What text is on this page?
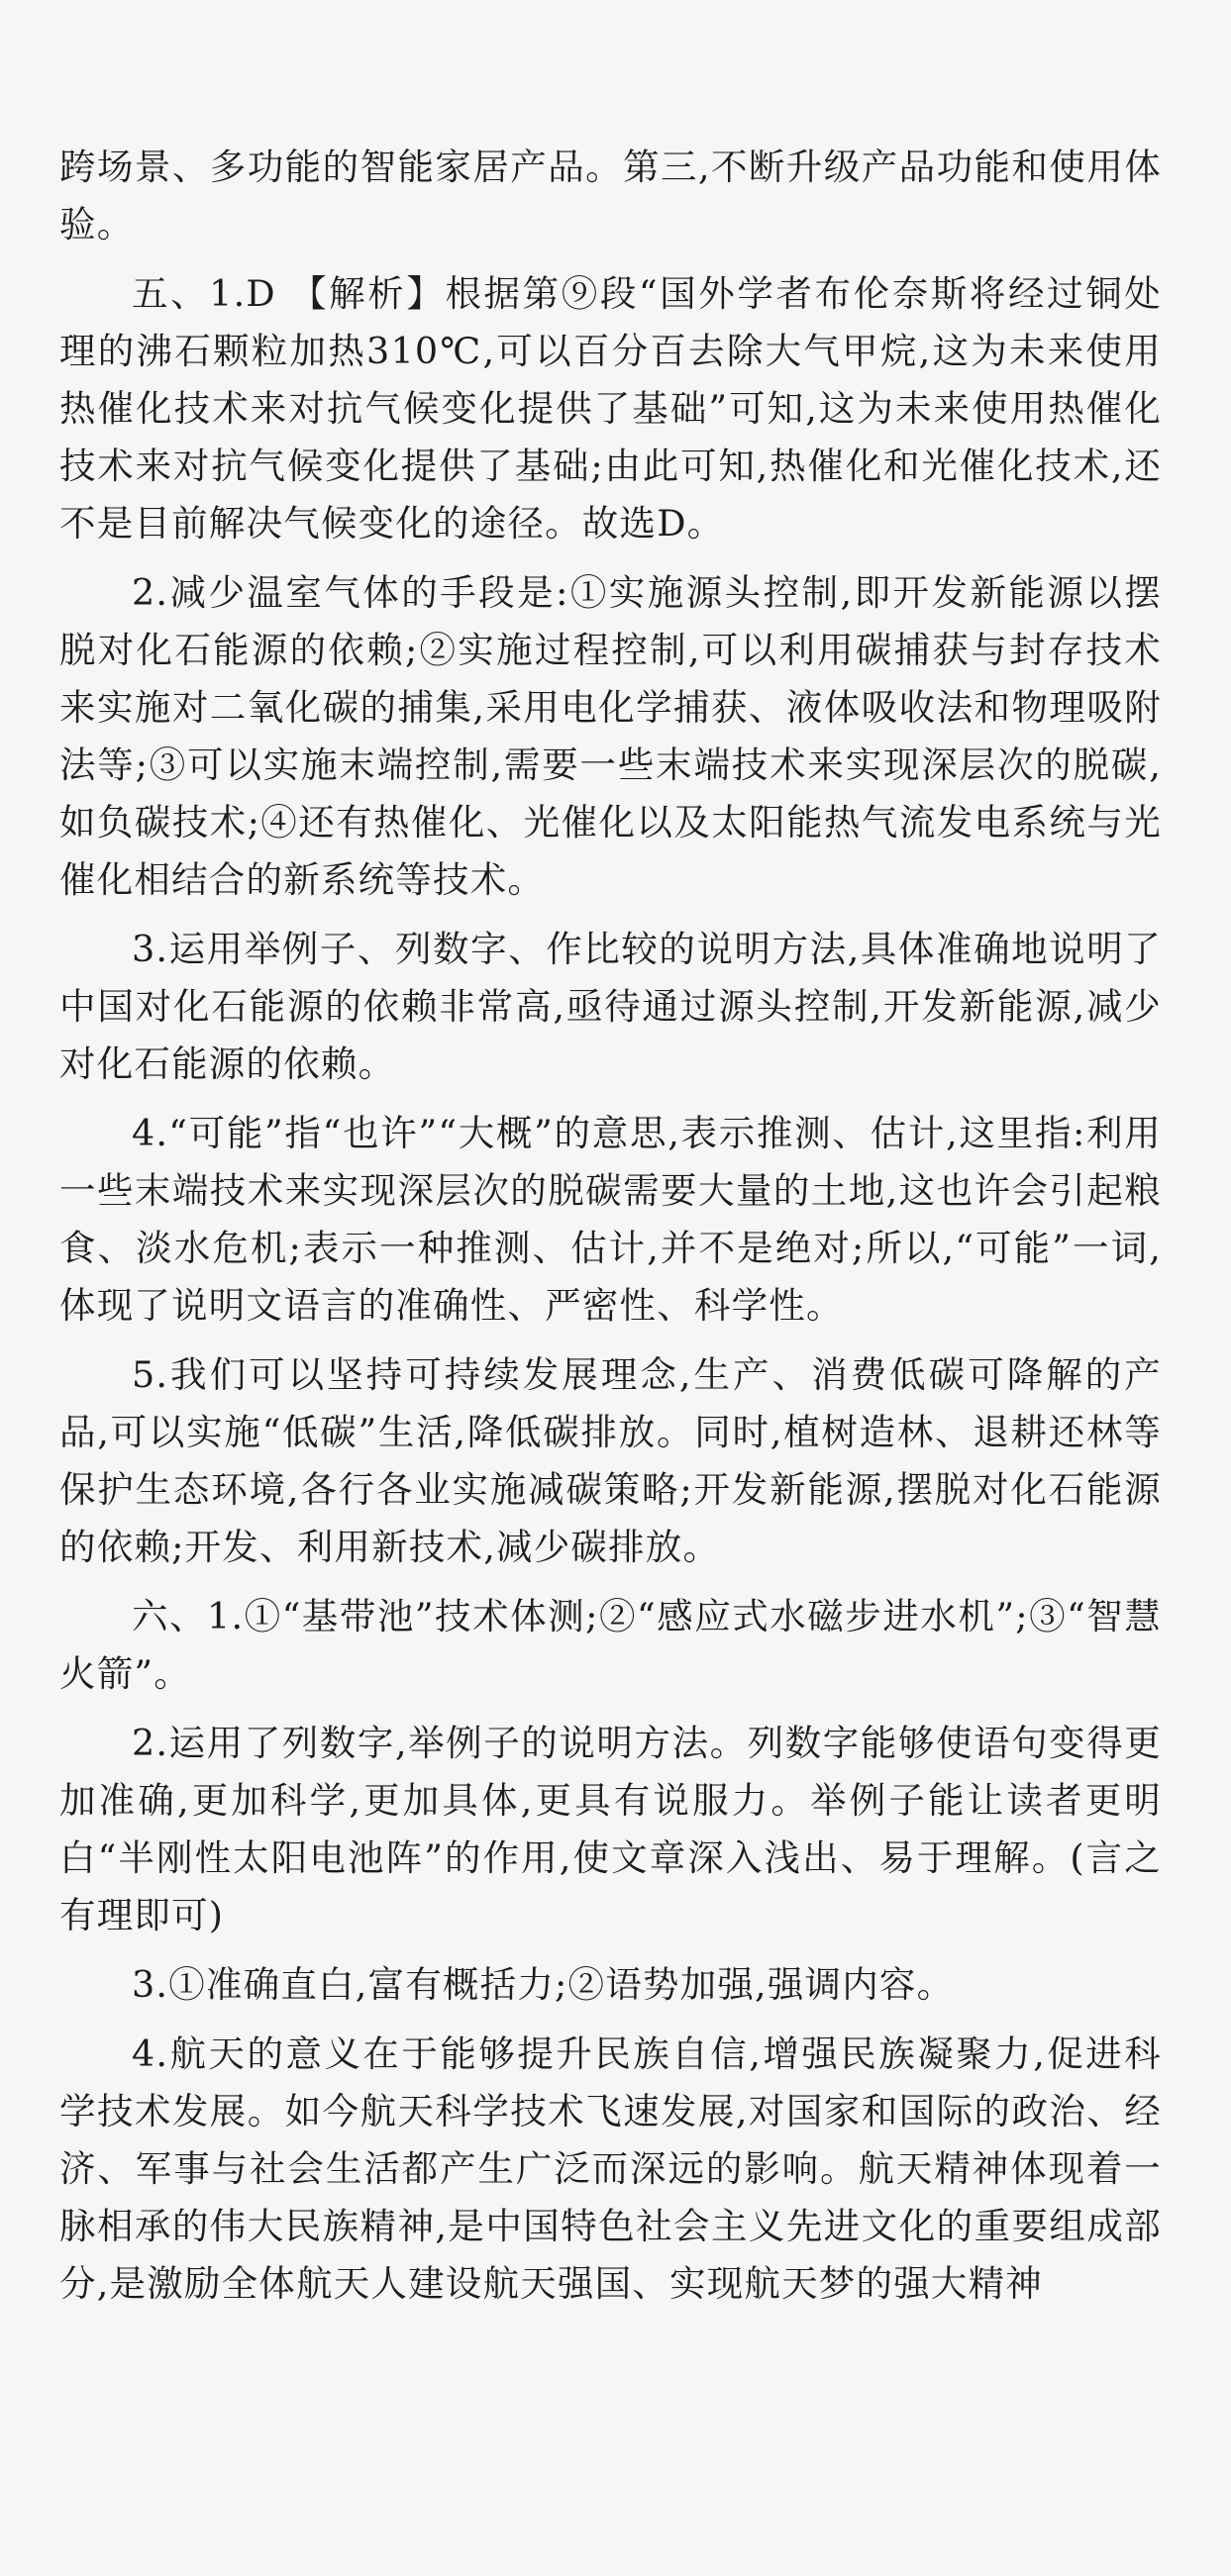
跨场景、多功能的智能家居产品。第三,不断升级产品功能和使用体验。

五、1.D 【解析】根据第⑨段“国外学者布伦奈斯将经过铜处理的沸石颗粒加热310℃,可以百分百去除大气甲烷,这为未来使用热催化技术来对抗气候变化提供了基础”可知,这为未来使用热催化技术来对抗气候变化提供了基础;由此可知,热催化和光催化技术,还不是目前解决气候变化的途径。故选D。

2.减少温室气体的手段是:①实施源头控制,即开发新能源以摆脱对化石能源的依赖;②实施过程控制,可以利用碳捕获与封存技术来实施对二氧化碳的捕集,采用电化学捕获、液体吸收法和物理吸附法等;③可以实施末端控制,需要一些末端技术来实现深层次的脱碳,如负碳技术;④还有热催化、光催化以及太阳能热气流发电系统与光催化相结合的新系统等技术。

3.运用举例子、列数字、作比较的说明方法,具体准确地说明了中国对化石能源的依赖非常高,亟待通过源头控制,开发新能源,减少对化石能源的依赖。

4.“可能”指“也许”“大概”的意思,表示推测、估计,这里指:利用一些末端技术来实现深层次的脱碳需要大量的土地,这也许会引起粮食、淡水危机;表示一种推测、估计,并不是绝对;所以,“可能”一词,体现了说明文语言的准确性、严密性、科学性。

5.我们可以坚持可持续发展理念,生产、消费低碳可降解的产品,可以实施“低碳”生活,降低碳排放。同时,植树造林、退耕还林等保护生态环境,各行各业实施减碳策略;开发新能源,摆脱对化石能源的依赖;开发、利用新技术,减少碳排放。

六、1.①“基带池”技术体测;②“感应式水磁步进水机”;③“智慧火箭”。

2.运用了列数字,举例子的说明方法。列数字能够使语句变得更加准确,更加科学,更加具体,更具有说服力。举例子能让读者更明白“半刚性太阳电池阵”的作用,使文章深入浅出、易于理解。(言之有理即可)

3.①准确直白,富有概括力;②语势加强,强调内容。

4.航天的意义在于能够提升民族自信,增强民族凝聚力,促进科学技术发展。如今航天科学技术飞速发展,对国家和国际的政治、经济、军事与社会生活都产生广泛而深远的影响。航天精神体现着一脉相承的伟大民族精神,是中国特色社会主义先进文化的重要组成部分,是激励全体航天人建设航天强国、实现航天梦的强大精神
